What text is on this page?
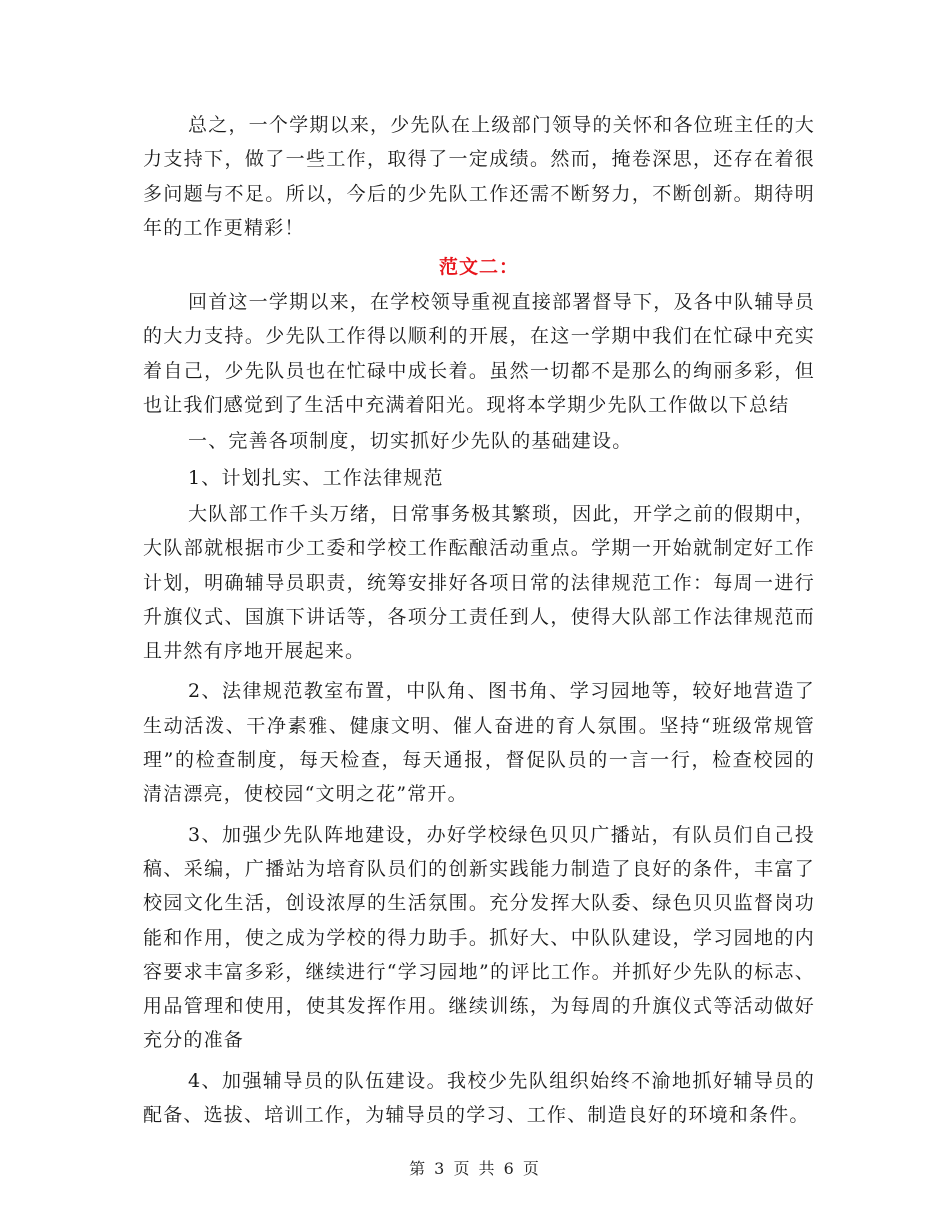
总之，一个学期以来，少先队在上级部门领导的关怀和各位班主任的大力支持下，做了一些工作，取得了一定成绩。然而，掩卷深思，还存在着很多问题与不足。所以，今后的少先队工作还需不断努力，不断创新。期待明年的工作更精彩！

范文二：

回首这一学期以来，在学校领导重视直接部署督导下，及各中队辅导员的大力支持。少先队工作得以顺利的开展，在这一学期中我们在忙碌中充实着自己，少先队员也在忙碌中成长着。虽然一切都不是那么的绚丽多彩，但也让我们感觉到了生活中充满着阳光。现将本学期少先队工作做以下总结

一、完善各项制度，切实抓好少先队的基础建设。

1、计划扎实、工作法律规范

大队部工作千头万绪，日常事务极其繁琐，因此，开学之前的假期中，大队部就根据市少工委和学校工作酝酿活动重点。学期一开始就制定好工作计划，明确辅导员职责，统筹安排好各项日常的法律规范工作：每周一进行升旗仪式、国旗下讲话等，各项分工责任到人，使得大队部工作法律规范而且井然有序地开展起来。

2、法律规范教室布置，中队角、图书角、学习园地等，较好地营造了生动活泼、干净素雅、健康文明、催人奋进的育人氛围。坚持“班级常规管理”的检查制度，每天检查，每天通报，督促队员的一言一行，检查校园的清洁漂亮，使校园“文明之花”常开。

3、加强少先队阵地建设，办好学校绿色贝贝广播站，有队员们自己投稿、采编，广播站为培育队员们的创新实践能力制造了良好的条件，丰富了校园文化生活，创设浓厚的生活氛围。充分发挥大队委、绿色贝贝监督岗功能和作用，使之成为学校的得力助手。抓好大、中队队建设，学习园地的内容要求丰富多彩，继续进行“学习园地”的评比工作。并抓好少先队的标志、用品管理和使用，使其发挥作用。继续训练，为每周的升旗仪式等活动做好充分的准备

4、加强辅导员的队伍建设。我校少先队组织始终不渝地抓好辅导员的配备、选拔、培训工作，为辅导员的学习、工作、制造良好的环境和条件。

第 3 页 共 6 页
